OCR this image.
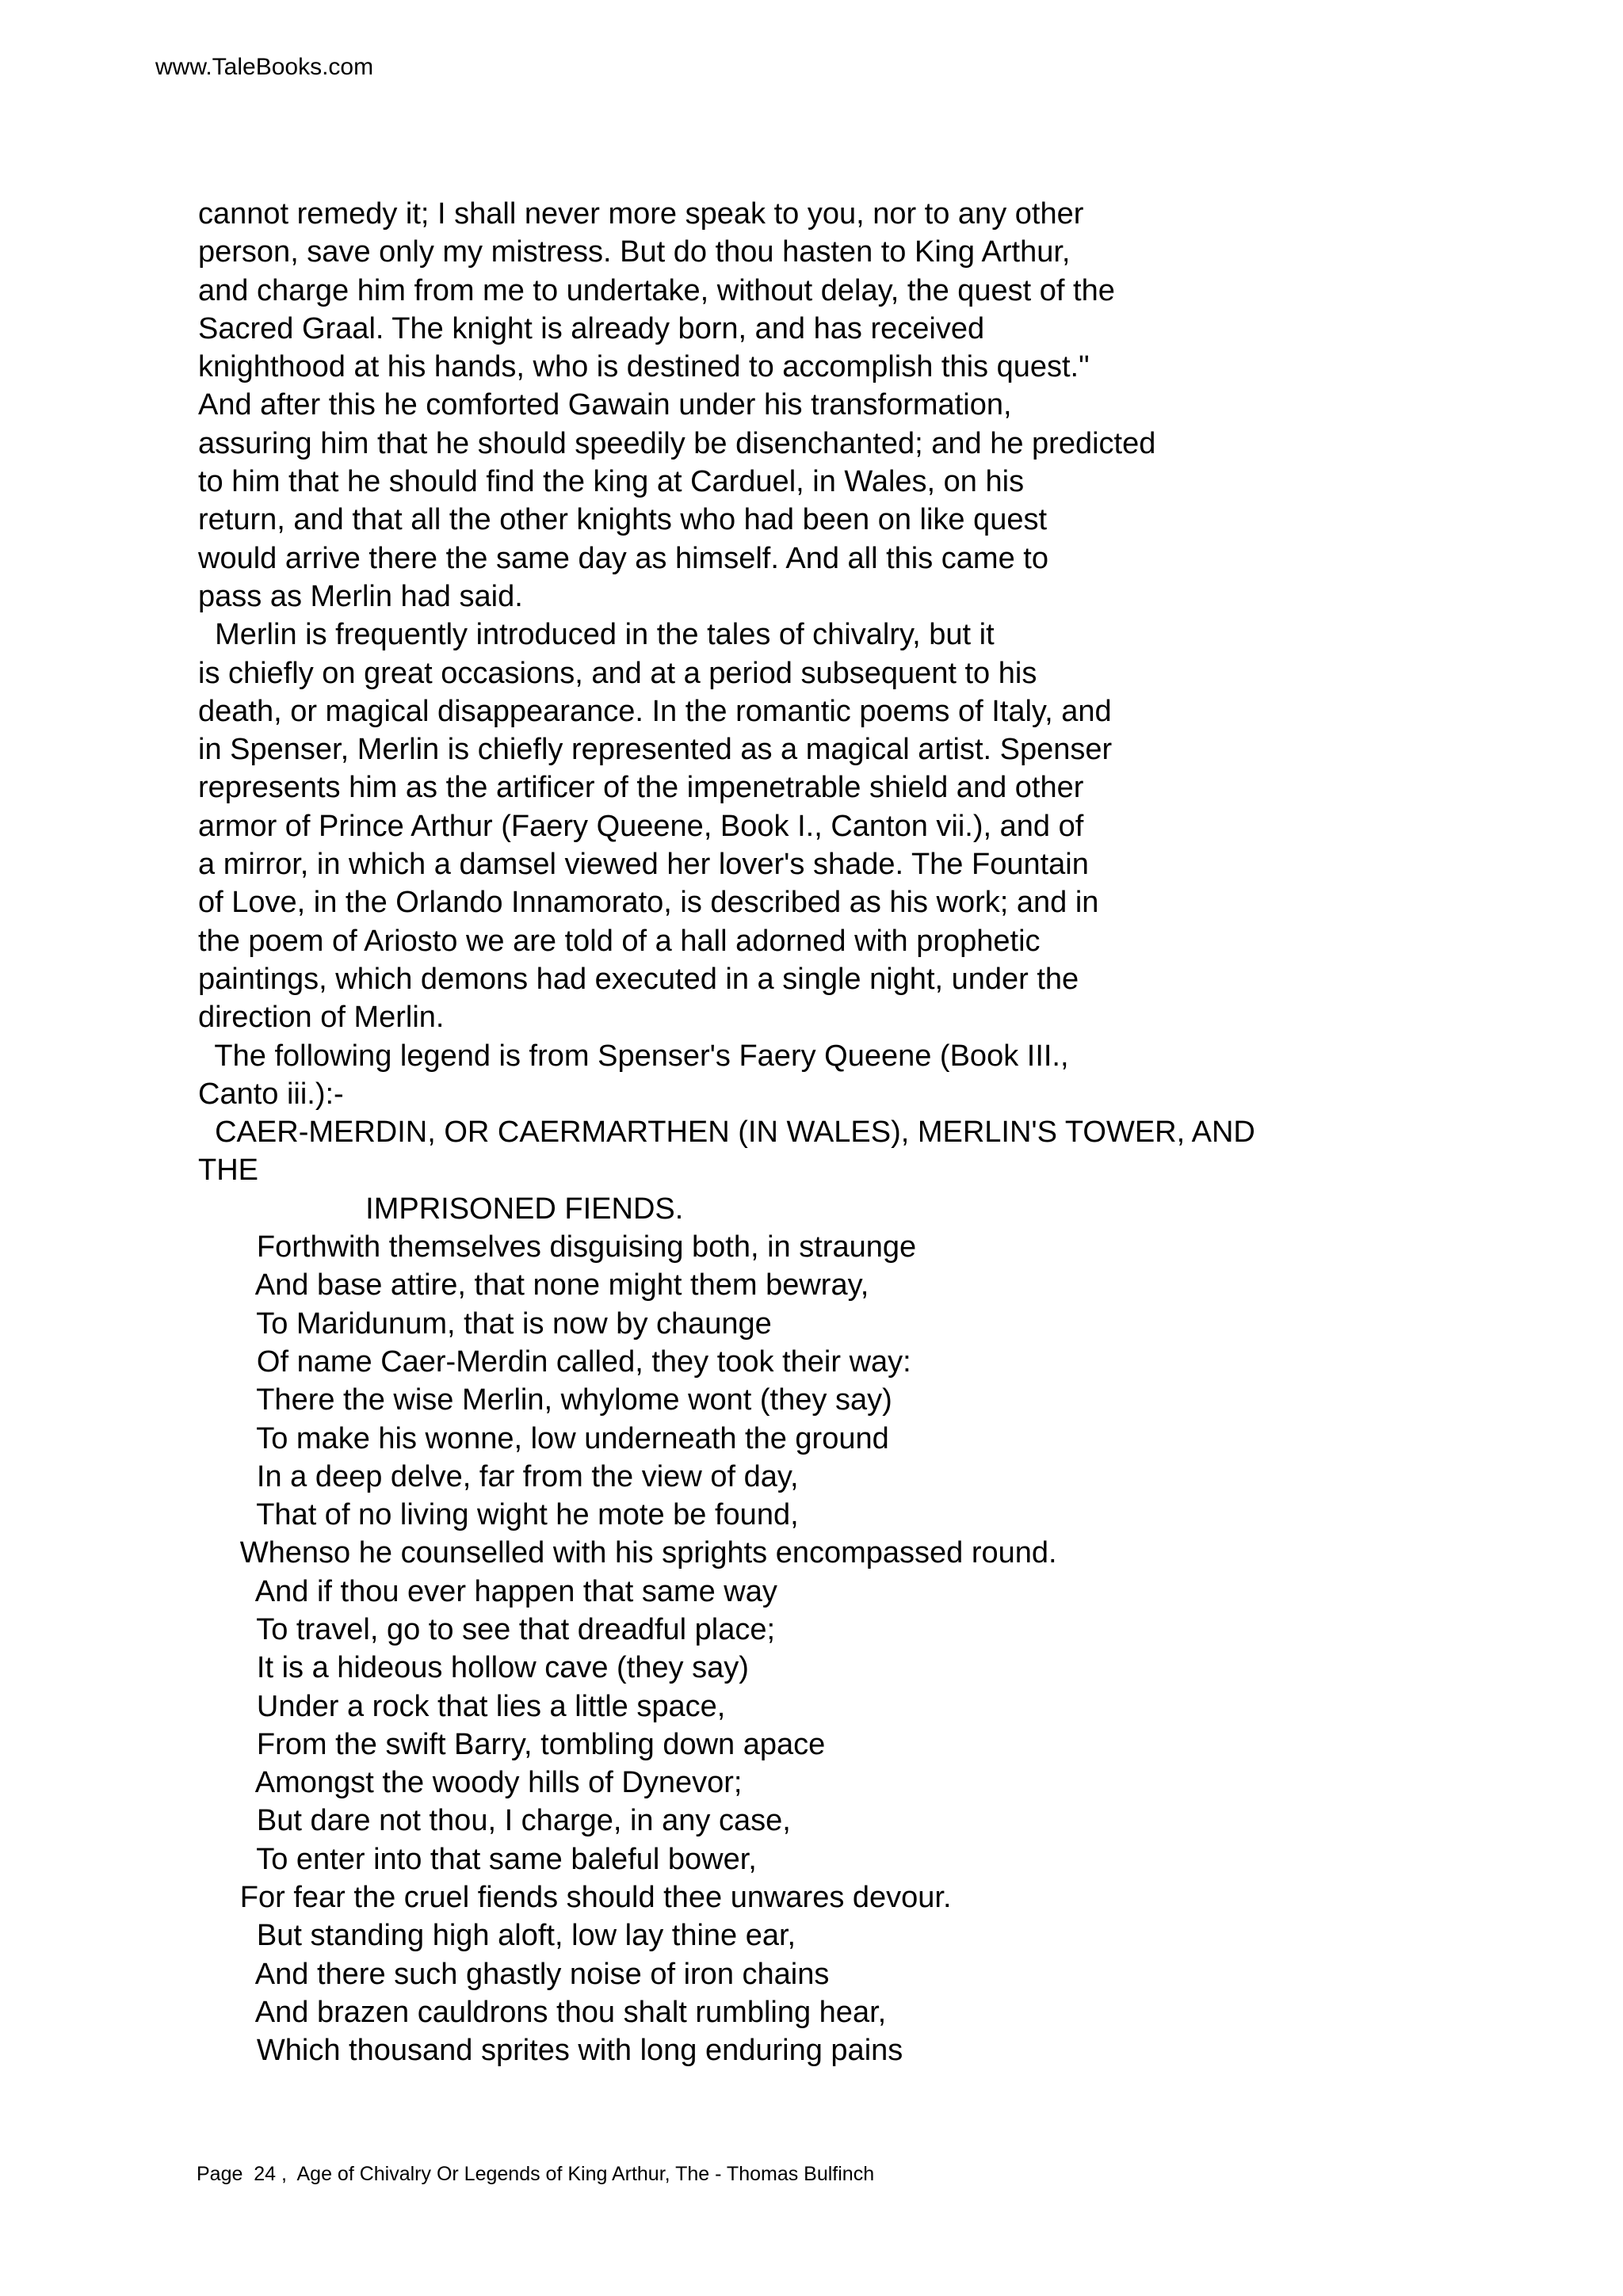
www.TaleBooks.com
cannot remedy it; I shall never more speak to you, nor to any other
person, save only my mistress. But do thou hasten to King Arthur,
and charge him from me to undertake, without delay, the quest of the
Sacred Graal. The knight is already born, and has received
knighthood at his hands, who is destined to accomplish this quest."
And after this he comforted Gawain under his transformation,
assuring him that he should speedily be disenchanted; and he predicted
to him that he should find the king at Carduel, in Wales, on his
return, and that all the other knights who had been on like quest
would arrive there the same day as himself. And all this came to
pass as Merlin had said.
Merlin is frequently introduced in the tales of chivalry, but it
is chiefly on great occasions, and at a period subsequent to his
death, or magical disappearance. In the romantic poems of Italy, and
in Spenser, Merlin is chiefly represented as a magical artist. Spenser
represents him as the artificer of the impenetrable shield and other
armor of Prince Arthur (Faery Queene, Book I., Canton vii.), and of
a mirror, in which a damsel viewed her lover's shade. The Fountain
of Love, in the Orlando Innamorato, is described as his work; and in
the poem of Ariosto we are told of a hall adorned with prophetic
paintings, which demons had executed in a single night, under the
direction of Merlin.
The following legend is from Spenser's Faery Queene (Book III.,
Canto iii.):-
CAER-MERDIN, OR CAERMARTHEN (IN WALES), MERLIN'S TOWER, AND
THE
IMPRISONED FIENDS.
Forthwith themselves disguising both, in straunge
And base attire, that none might them bewray,
To Maridunum, that is now by chaunge
Of name Caer-Merdin called, they took their way:
There the wise Merlin, whylome wont (they say)
To make his wonne, low underneath the ground
In a deep delve, far from the view of day,
That of no living wight he mote be found,
Whenso he counselled with his sprights encompassed round.
And if thou ever happen that same way
To travel, go to see that dreadful place;
It is a hideous hollow cave (they say)
Under a rock that lies a little space,
From the swift Barry, tombling down apace
Amongst the woody hills of Dynevor;
But dare not thou, I charge, in any case,
To enter into that same baleful bower,
For fear the cruel fiends should thee unwares devour.
But standing high aloft, low lay thine ear,
And there such ghastly noise of iron chains
And brazen cauldrons thou shalt rumbling hear,
Which thousand sprites with long enduring pains
Page  24 ,  Age of Chivalry Or Legends of King Arthur, The - Thomas Bulfinch
